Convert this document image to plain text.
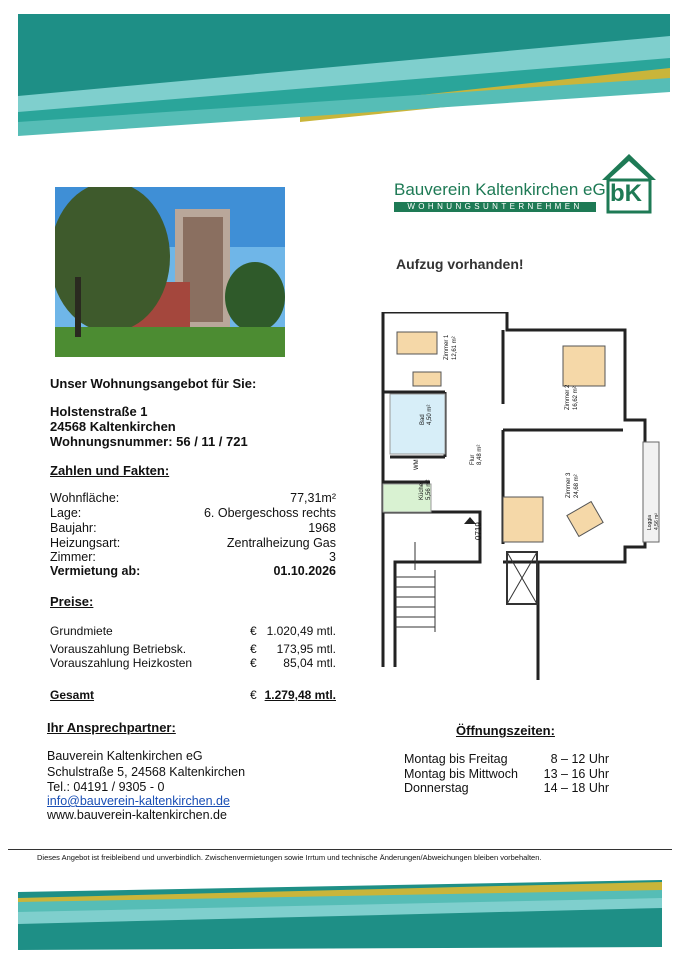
Bauverein Kaltenkirchen eG
WOHNUNGSUNTERNEHMEN	bK
Aufzug vorhanden!
Unser Wohnungsangebot für Sie:
Holstenstraße 1
24568 Kaltenkirchen
Wohnungsnummer: 56 / 11 / 721
Zahlen und Fakten:
Wohnfläche:	77,31m²
Lage:	6. Obergeschoss rechts
Baujahr:	1968
Heizungsart:	Zentralheizung Gas
Zimmer:	3
Vermietung ab:	01.10.2026
Preise:
Grundmiete	€ 1.020,49 mtl.
Vorauszahlung Betriebsk.	€ 173,95 mtl.
Vorauszahlung Heizkosten	€ 85,04 mtl.
Gesamt	€ 1.279,48 mtl.
Ihr Ansprechpartner:
Bauverein Kaltenkirchen eG
Schulstraße 5, 24568 Kaltenkirchen
Tel.: 04191 / 9305 - 0
info@bauverein-kaltenkirchen.de
www.bauverein-kaltenkirchen.de
Öffnungszeiten:
Montag bis Freitag	8 – 12 Uhr
Montag bis Mittwoch 13 – 16 Uhr
Donnerstag	14 – 18 Uhr
Zimmer 1 12,61 m²
Zimmer 2 16,62 m²
Bad 4,50 m²
Flur 8,48 m²
Küche 5,56 m²	Zimmer 3 24,68 m²
Loggia 4,56 m²
WM
0719
Dieses Angebot ist freibleibend und unverbindlich. Zwischenvermietungen sowie Irrtum und technische Änderungen/Abweichungen bleiben vorbehalten.
